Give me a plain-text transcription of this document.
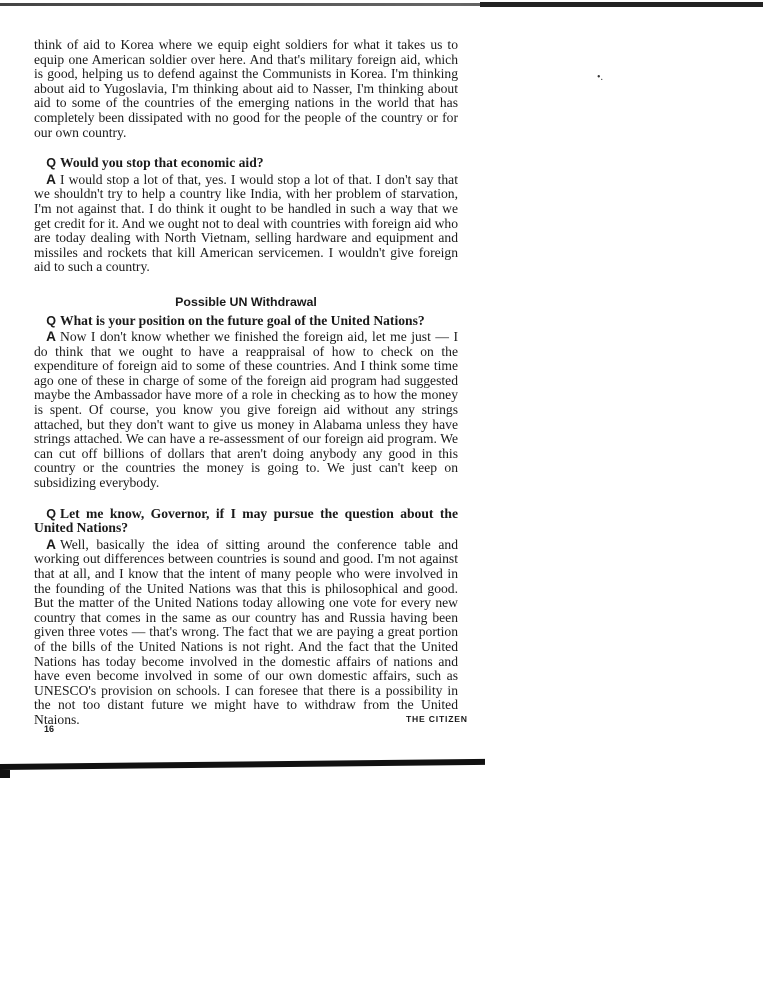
•.

think of aid to Korea where we equip eight soldiers for what it takes us to equip one American soldier over here. And that's military foreign aid, which is good, helping us to defend against the Communists in Korea. I'm thinking about aid to Yugoslavia, I'm thinking about aid to Nasser, I'm thinking about aid to some of the countries of the emerging nations in the world that has completely been dissipated with no good for the people of the country or for our own country.

Q Would you stop that economic aid?

A I would stop a lot of that, yes. I would stop a lot of that. I don't say that we shouldn't try to help a country like India, with her problem of starvation, I'm not against that. I do think it ought to be handled in such a way that we get credit for it. And we ought not to deal with countries with foreign aid who are today dealing with North Vietnam, selling hardware and equipment and missiles and rockets that kill American servicemen. I wouldn't give foreign aid to such a country.

Possible UN Withdrawal

Q What is your position on the future goal of the United Nations?

A Now I don't know whether we finished the foreign aid, let me just — I do think that we ought to have a reappraisal of how to check on the expenditure of foreign aid to some of these countries. And I think some time ago one of these in charge of some of the foreign aid program had suggested maybe the Ambassador have more of a role in checking as to how the money is spent. Of course, you know you give foreign aid without any strings attached, but they don't want to give us money in Alabama unless they have strings attached. We can have a re-assessment of our foreign aid program. We can cut off billions of dollars that aren't doing anybody any good in this country or the countries the money is going to. We just can't keep on subsidizing everybody.

Q Let me know, Governor, if I may pursue the question about the United Nations?

A Well, basically the idea of sitting around the conference table and working out differences between countries is sound and good. I'm not against that at all, and I know that the intent of many people who were involved in the founding of the United Nations was that this is philosophical and good. But the matter of the United Nations today allowing one vote for every new country that comes in the same as our country has and Russia having been given three votes — that's wrong. The fact that we are paying a great portion of the bills of the United Nations is not right. And the fact that the United Nations has today become involved in the domestic affairs of nations and have even become involved in some of our own domestic affairs, such as UNESCO's provision on schools. I can foresee that there is a possibility in the not too distant future we might have to withdraw from the United Ntaions.	THE CITIZEN
16
